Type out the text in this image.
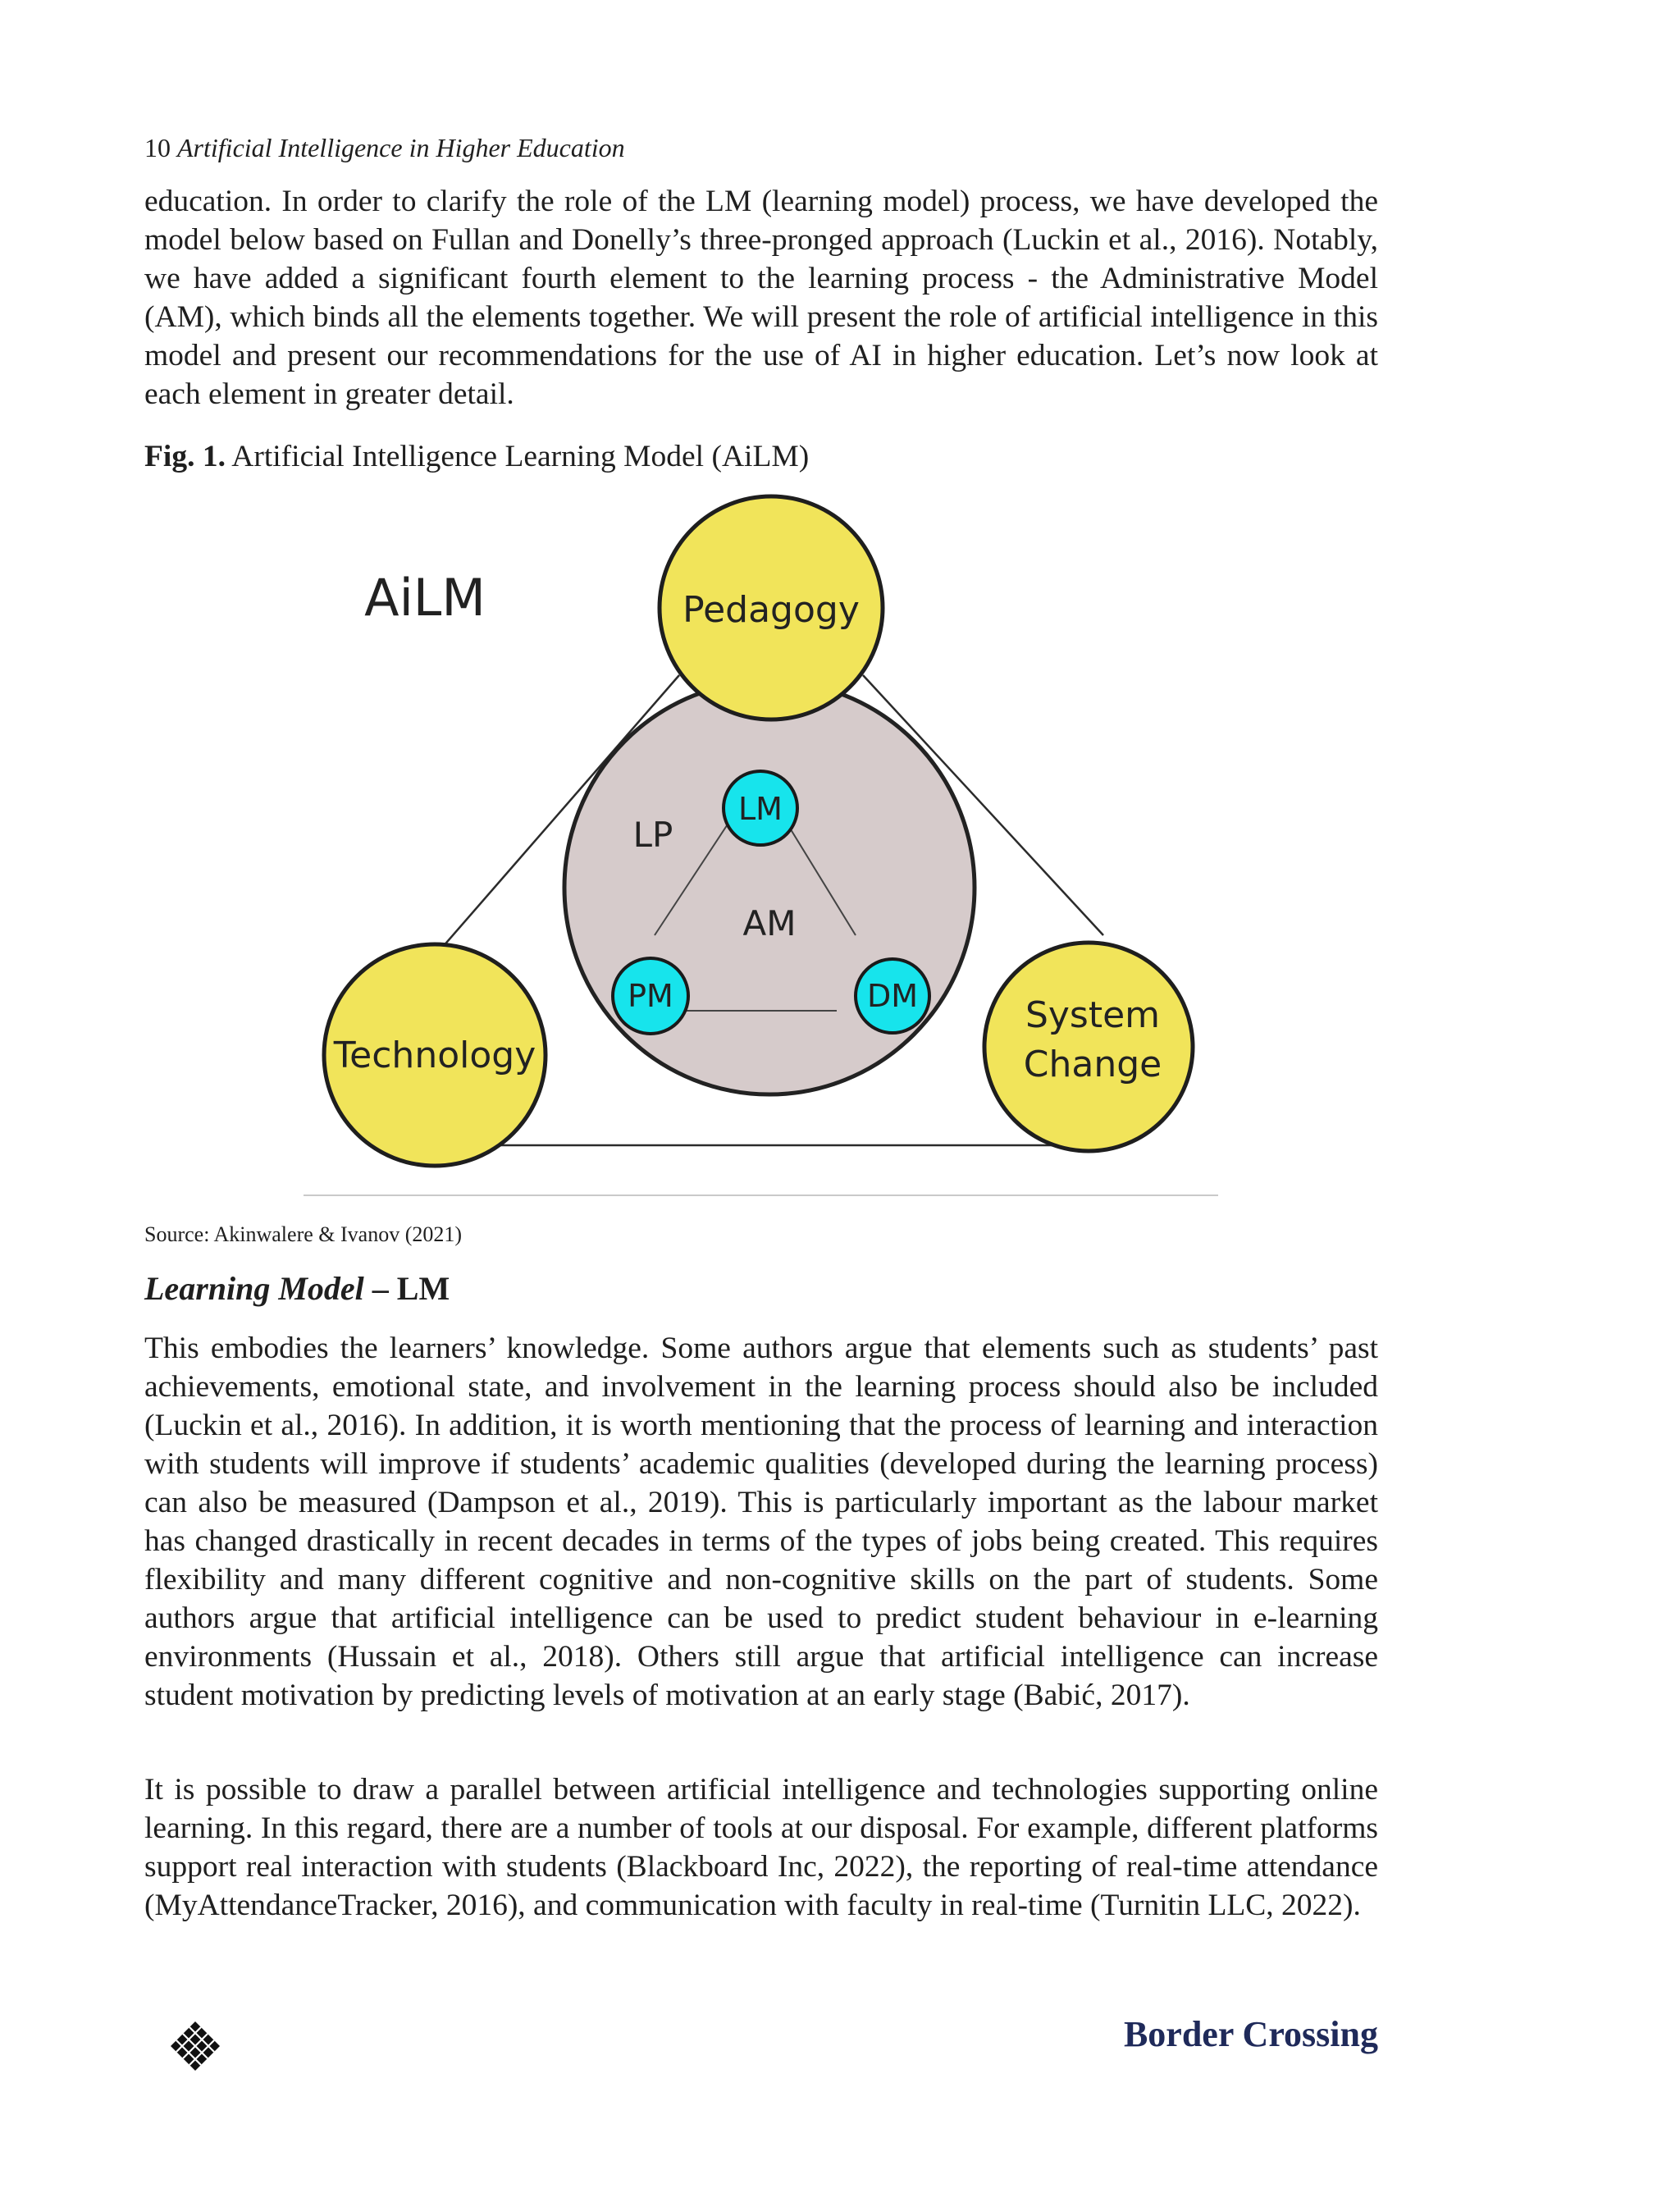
10 Artificial Intelligence in Higher Education

education. In order to clarify the role of the LM (learning model) process, we have developed the model below based on Fullan and Donelly’s three-pronged approach (Luckin et al., 2016). Notably, we have added a significant fourth element to the learning process - the Administrative Model (AM), which binds all the elements together. We will present the role of artificial intelligence in this model and present our recommendations for the use of AI in higher education. Let’s now look at each element in greater detail.

Fig. 1. Artificial Intelligence Learning Model (AiLM)
AiLM	Pedagogy
Technology
System
Change
LP
AM
LM
PM	DM
Source: Akinwalere & Ivanov (2021)
Learning Model – LM

This embodies the learners’ knowledge. Some authors argue that elements such as students’ past achievements, emotional state, and involvement in the learning process should also be included (Luckin et al., 2016). In addition, it is worth mentioning that the process of learning and interaction with students will improve if students’ academic qualities (developed during the learning process) can also be measured (Dampson et al., 2019). This is particularly important as the labour market has changed drastically in recent decades in terms of the types of jobs being created. This requires flexibility and many different cognitive and non-cognitive skills on the part of students. Some authors argue that artificial intelligence can be used to predict student behaviour in e-learning environments (Hussain et al., 2018). Others still argue that artificial intelligence can increase student motivation by predicting levels of motivation at an early stage (Babić, 2017).

It is possible to draw a parallel between artificial intelligence and technologies supporting online learning. In this regard, there are a number of tools at our disposal. For example, different platforms support real interaction with students (Blackboard Inc, 2022), the reporting of real-time attendance (MyAttendanceTracker, 2016), and communication with faculty in real-time (Turnitin LLC, 2022).

Border Crossing
